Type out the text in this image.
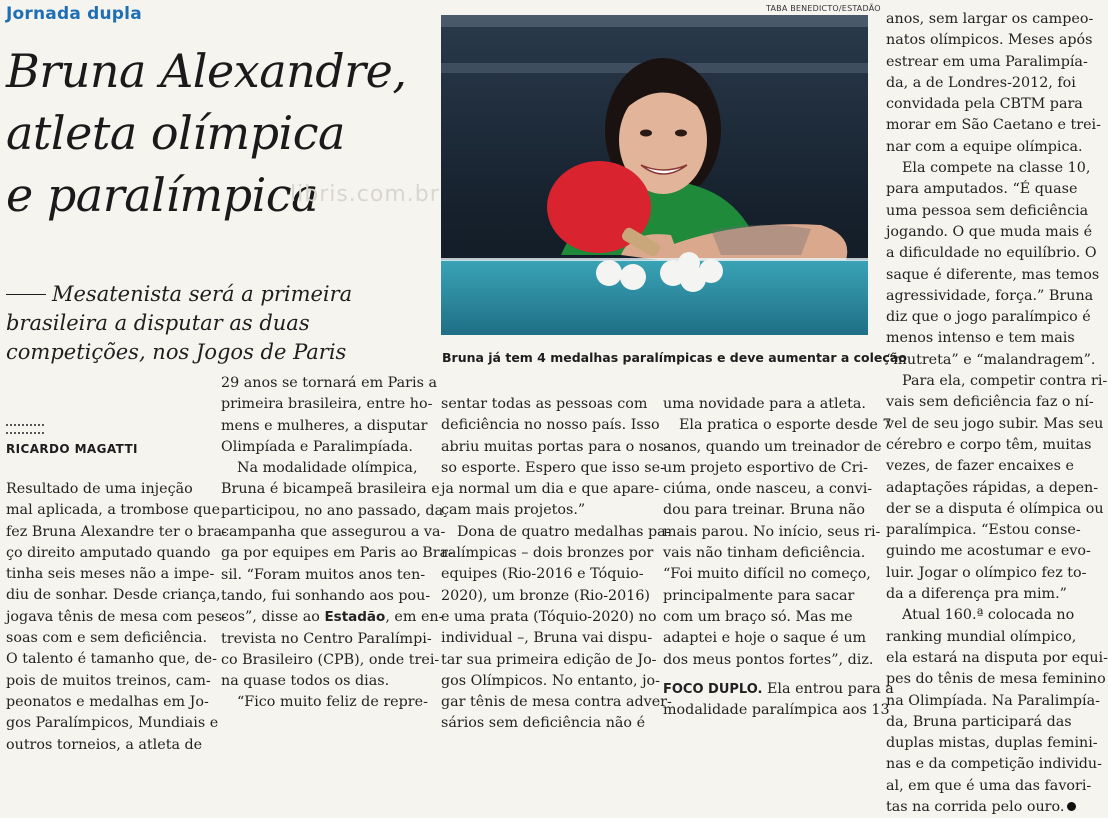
Jornada dupla
Bruna Alexandre,
atleta olímpica
e paralímpica
Mesatenista será a primeira
brasileira a disputar as duas
competições, nos Jogos de Paris
libris.com.br
RICARDO MAGATTI
TABA BENEDICTO/ESTADÃO
Bruna já tem 4 medalhas paralímpicas e deve aumentar a coleção
Resultado de uma injeção
mal aplicada, a trombose que
fez Bruna Alexandre ter o bra-
ço direito amputado quando
tinha seis meses não a impe-
diu de sonhar. Desde criança,
jogava tênis de mesa com pes-
soas com e sem deficiência.
O talento é tamanho que, de-
pois de muitos treinos, cam-
peonatos e medalhas em Jo-
gos Paralímpicos, Mundiais e
outros torneios, a atleta de
29 anos se tornará em Paris a
primeira brasileira, entre ho-
mens e mulheres, a disputar
Olimpíada e Paralimpíada.
Na modalidade olímpica,
Bruna é bicampeã brasileira e
participou, no ano passado, da
campanha que assegurou a va-
ga por equipes em Paris ao Bra-
sil. “Foram muitos anos ten-
tando, fui sonhando aos pou-
cos”, disse ao Estadão, em en-
trevista no Centro Paralímpi-
co Brasileiro (CPB), onde trei-
na quase todos os dias.
“Fico muito feliz de repre-
sentar todas as pessoas com
deficiência no nosso país. Isso
abriu muitas portas para o nos-
so esporte. Espero que isso se-
ja normal um dia e que apare-
çam mais projetos.”
Dona de quatro medalhas pa-
ralímpicas – dois bronzes por
equipes (Rio-2016 e Tóquio-
2020), um bronze (Rio-2016)
e uma prata (Tóquio-2020) no
individual –, Bruna vai dispu-
tar sua primeira edição de Jo-
gos Olímpicos. No entanto, jo-
gar tênis de mesa contra adver-
sários sem deficiência não é
uma novidade para a atleta.
Ela pratica o esporte desde 7
anos, quando um treinador de
um projeto esportivo de Cri-
ciúma, onde nasceu, a convi-
dou para treinar. Bruna não
mais parou. No início, seus ri-
vais não tinham deficiência.
“Foi muito difícil no começo,
principalmente para sacar
com um braço só. Mas me
adaptei e hoje o saque é um
dos meus pontos fortes”, diz.
FOCO DUPLO. Ela entrou para a
modalidade paralímpica aos 13
anos, sem largar os campeo-
natos olímpicos. Meses após
estrear em uma Paralimpía-
da, a de Londres-2012, foi
convidada pela CBTM para
morar em São Caetano e trei-
nar com a equipe olímpica.
Ela compete na classe 10,
para amputados. “É quase
uma pessoa sem deficiência
jogando. O que muda mais é
a dificuldade no equilíbrio. O
saque é diferente, mas temos
agressividade, força.” Bruna
diz que o jogo paralímpico é
menos intenso e tem mais
“mutreta” e “malandragem”.
Para ela, competir contra ri-
vais sem deficiência faz o ní-
vel de seu jogo subir. Mas seu
cérebro e corpo têm, muitas
vezes, de fazer encaixes e
adaptações rápidas, a depen-
der se a disputa é olímpica ou
paralímpica. “Estou conse-
guindo me acostumar e evo-
luir. Jogar o olímpico fez to-
da a diferença pra mim.”
Atual 160.ª colocada no
ranking mundial olímpico,
ela estará na disputa por equi-
pes do tênis de mesa feminino
na Olimpíada. Na Paralimpía-
da, Bruna participará das
duplas mistas, duplas femini-
nas e da competição individu-
al, em que é uma das favori-
tas na corrida pelo ouro.
